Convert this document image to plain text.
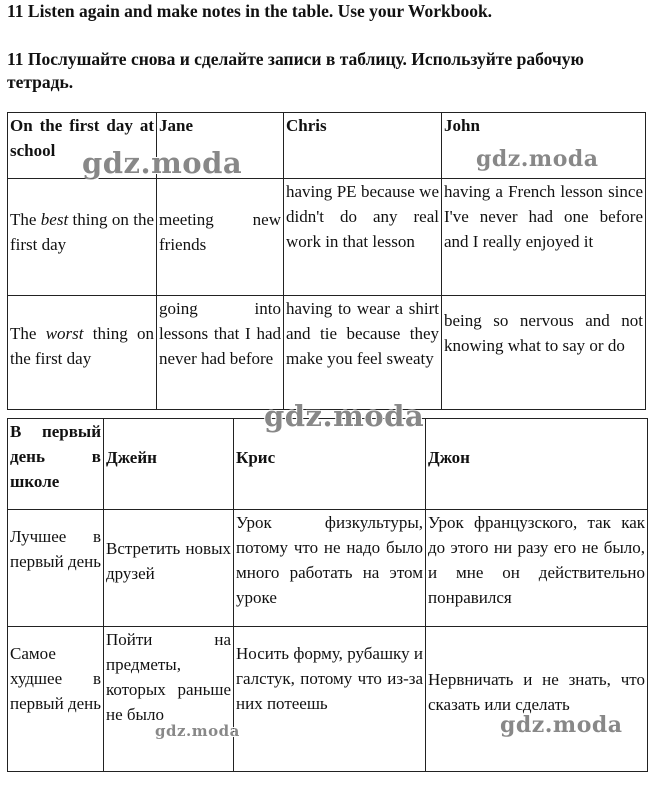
11 Listen again and make notes in the table. Use your Workbook.
11 Послушайте снова и сделайте записи в таблицу. Используйте рабочую тетрадь.
On the first day at school	Jane	Chris	John
The best thing on the first day	meeting new friends	having PE because we didn't do any real work in that lesson	having a French lesson since I've never had one before and I really enjoyed it
The worst thing on the first day	going into lessons that I had never had before	having to wear a shirt and tie because they make you feel sweaty	being so nervous and not knowing what to say or do
В первый день в школе	Джейн	Крис	Джон
Лучшее в первый день	Встретить новых друзей	Урок физкультуры, потому что не надо было много работать на этом уроке	Урок французского, так как до этого ни разу его не было, и мне он действительно понравился
Самое худшее в первый день	Пойти на предметы, которых раньше не было	Носить форму, рубашку и галстук, потому что из-за них потеешь	Нервничать и не знать, что сказать или сделать
gdz.moda	gdz.moda
gdz.moda
gdz.moda	gdz.moda
